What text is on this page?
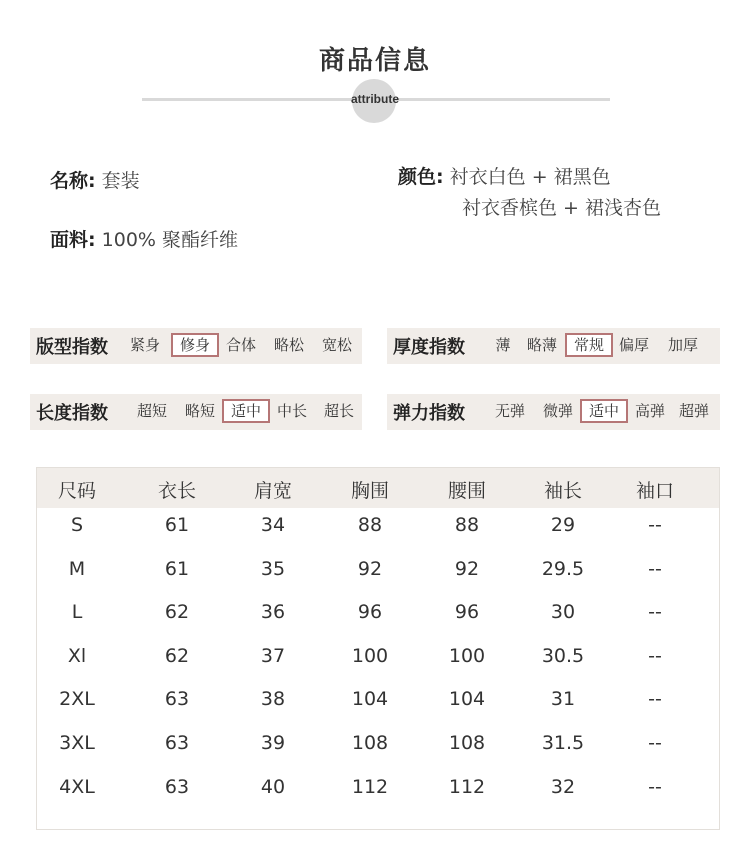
商品信息
attribute
名称: 套装
面料: 100% 聚酯纤维
颜色: 衬衣白色 + 裙黑色
衬衣香槟色 + 裙浅杏色
版型指数	紧身	修身	合体 略松 宽松	厚度指数	薄	略薄	常规 偏厚 加厚
长度指数	超短 略短	适中	中长 超长	弹力指数	无弹 微弹	适中	高弹 超弹
尺码	衣长	肩宽	胸围	腰围	袖长	袖口
S	61	34	88	88	29	--
M	61	35	92	92	29.5	--
L	62	36	96	96	30	--
Xl	62	37	100	100	30.5	--
2XL	63	38	104	104	31	--
3XL	63	39	108	108	31.5	--
4XL	63	40	112	112	32	--
